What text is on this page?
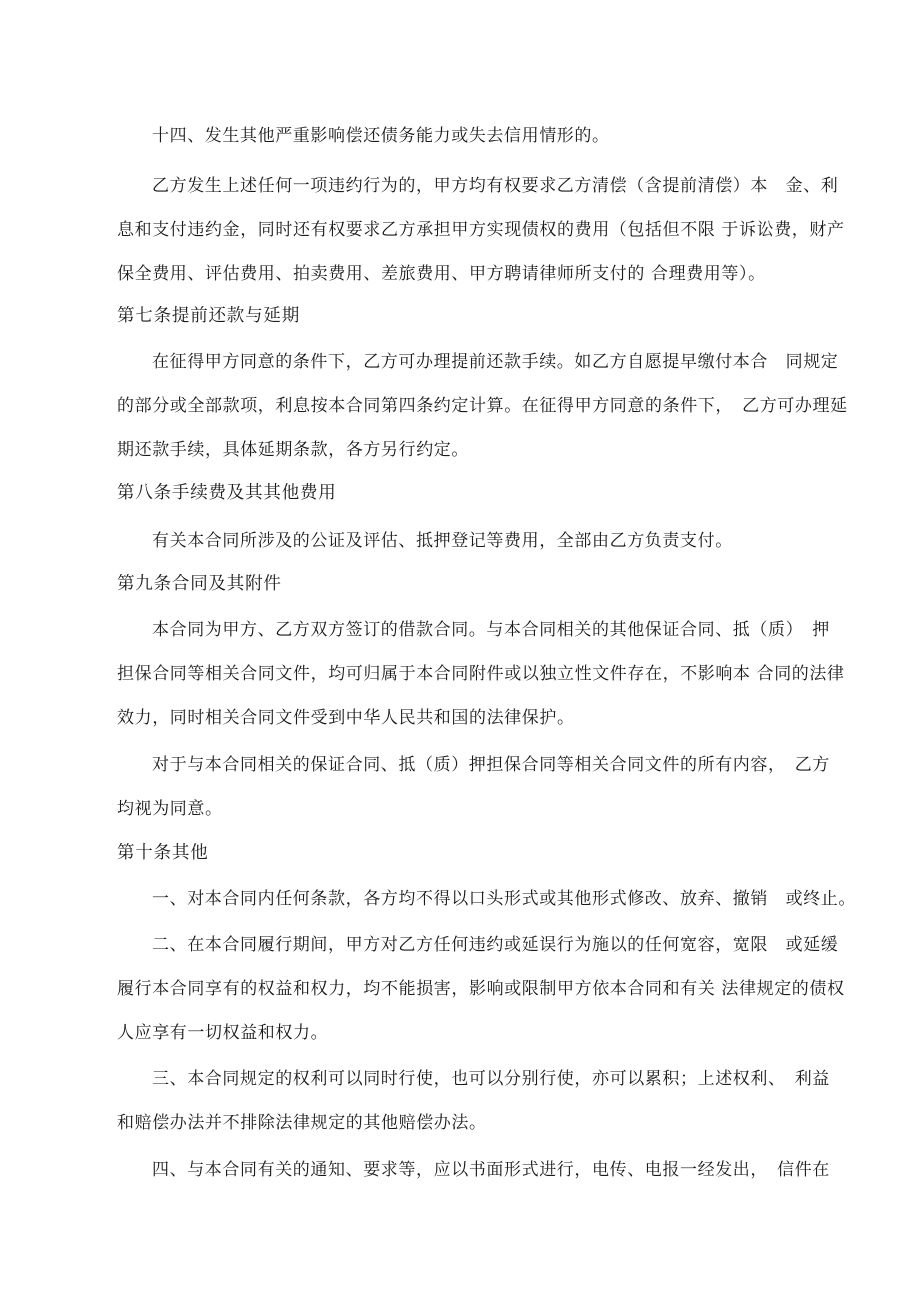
十四、发生其他严重影响偿还债务能力或失去信用情形的。
乙方发生上述任何一项违约行为的，甲方均有权要求乙方清偿（含提前清偿）本　金、利
息和支付违约金，同时还有权要求乙方承担甲方实现债权的费用（包括但不限 于诉讼费，财产
保全费用、评估费用、拍卖费用、差旅费用、甲方聘请律师所支付的 合理费用等）。
第七条提前还款与延期
在征得甲方同意的条件下，乙方可办理提前还款手续。如乙方自愿提早缴付本合　同规定
的部分或全部款项，利息按本合同第四条约定计算。在征得甲方同意的条件下，　乙方可办理延
期还款手续，具体延期条款，各方另行约定。
第八条手续费及其其他费用
有关本合同所涉及的公证及评估、抵押登记等费用，全部由乙方负责支付。
第九条合同及其附件
本合同为甲方、乙方双方签订的借款合同。与本合同相关的其他保证合同、抵（质）　押
担保合同等相关合同文件，均可归属于本合同附件或以独立性文件存在，不影响本 合同的法律
效力，同时相关合同文件受到中华人民共和国的法律保护。
对于与本合同相关的保证合同、抵（质）押担保合同等相关合同文件的所有内容，　乙方
均视为同意。
第十条其他
一、对本合同内任何条款，各方均不得以口头形式或其他形式修改、放弃、撤销　或终止。
二、在本合同履行期间，甲方对乙方任何违约或延误行为施以的任何宽容，宽限　或延缓
履行本合同享有的权益和权力，均不能损害，影响或限制甲方依本合同和有关 法律规定的债权
人应享有一切权益和权力。
三、本合同规定的权利可以同时行使，也可以分别行使，亦可以累积；上述权利、　利益
和赔偿办法并不排除法律规定的其他赔偿办法。
四、与本合同有关的通知、要求等，应以书面形式进行，电传、电报一经发出，　信件在
